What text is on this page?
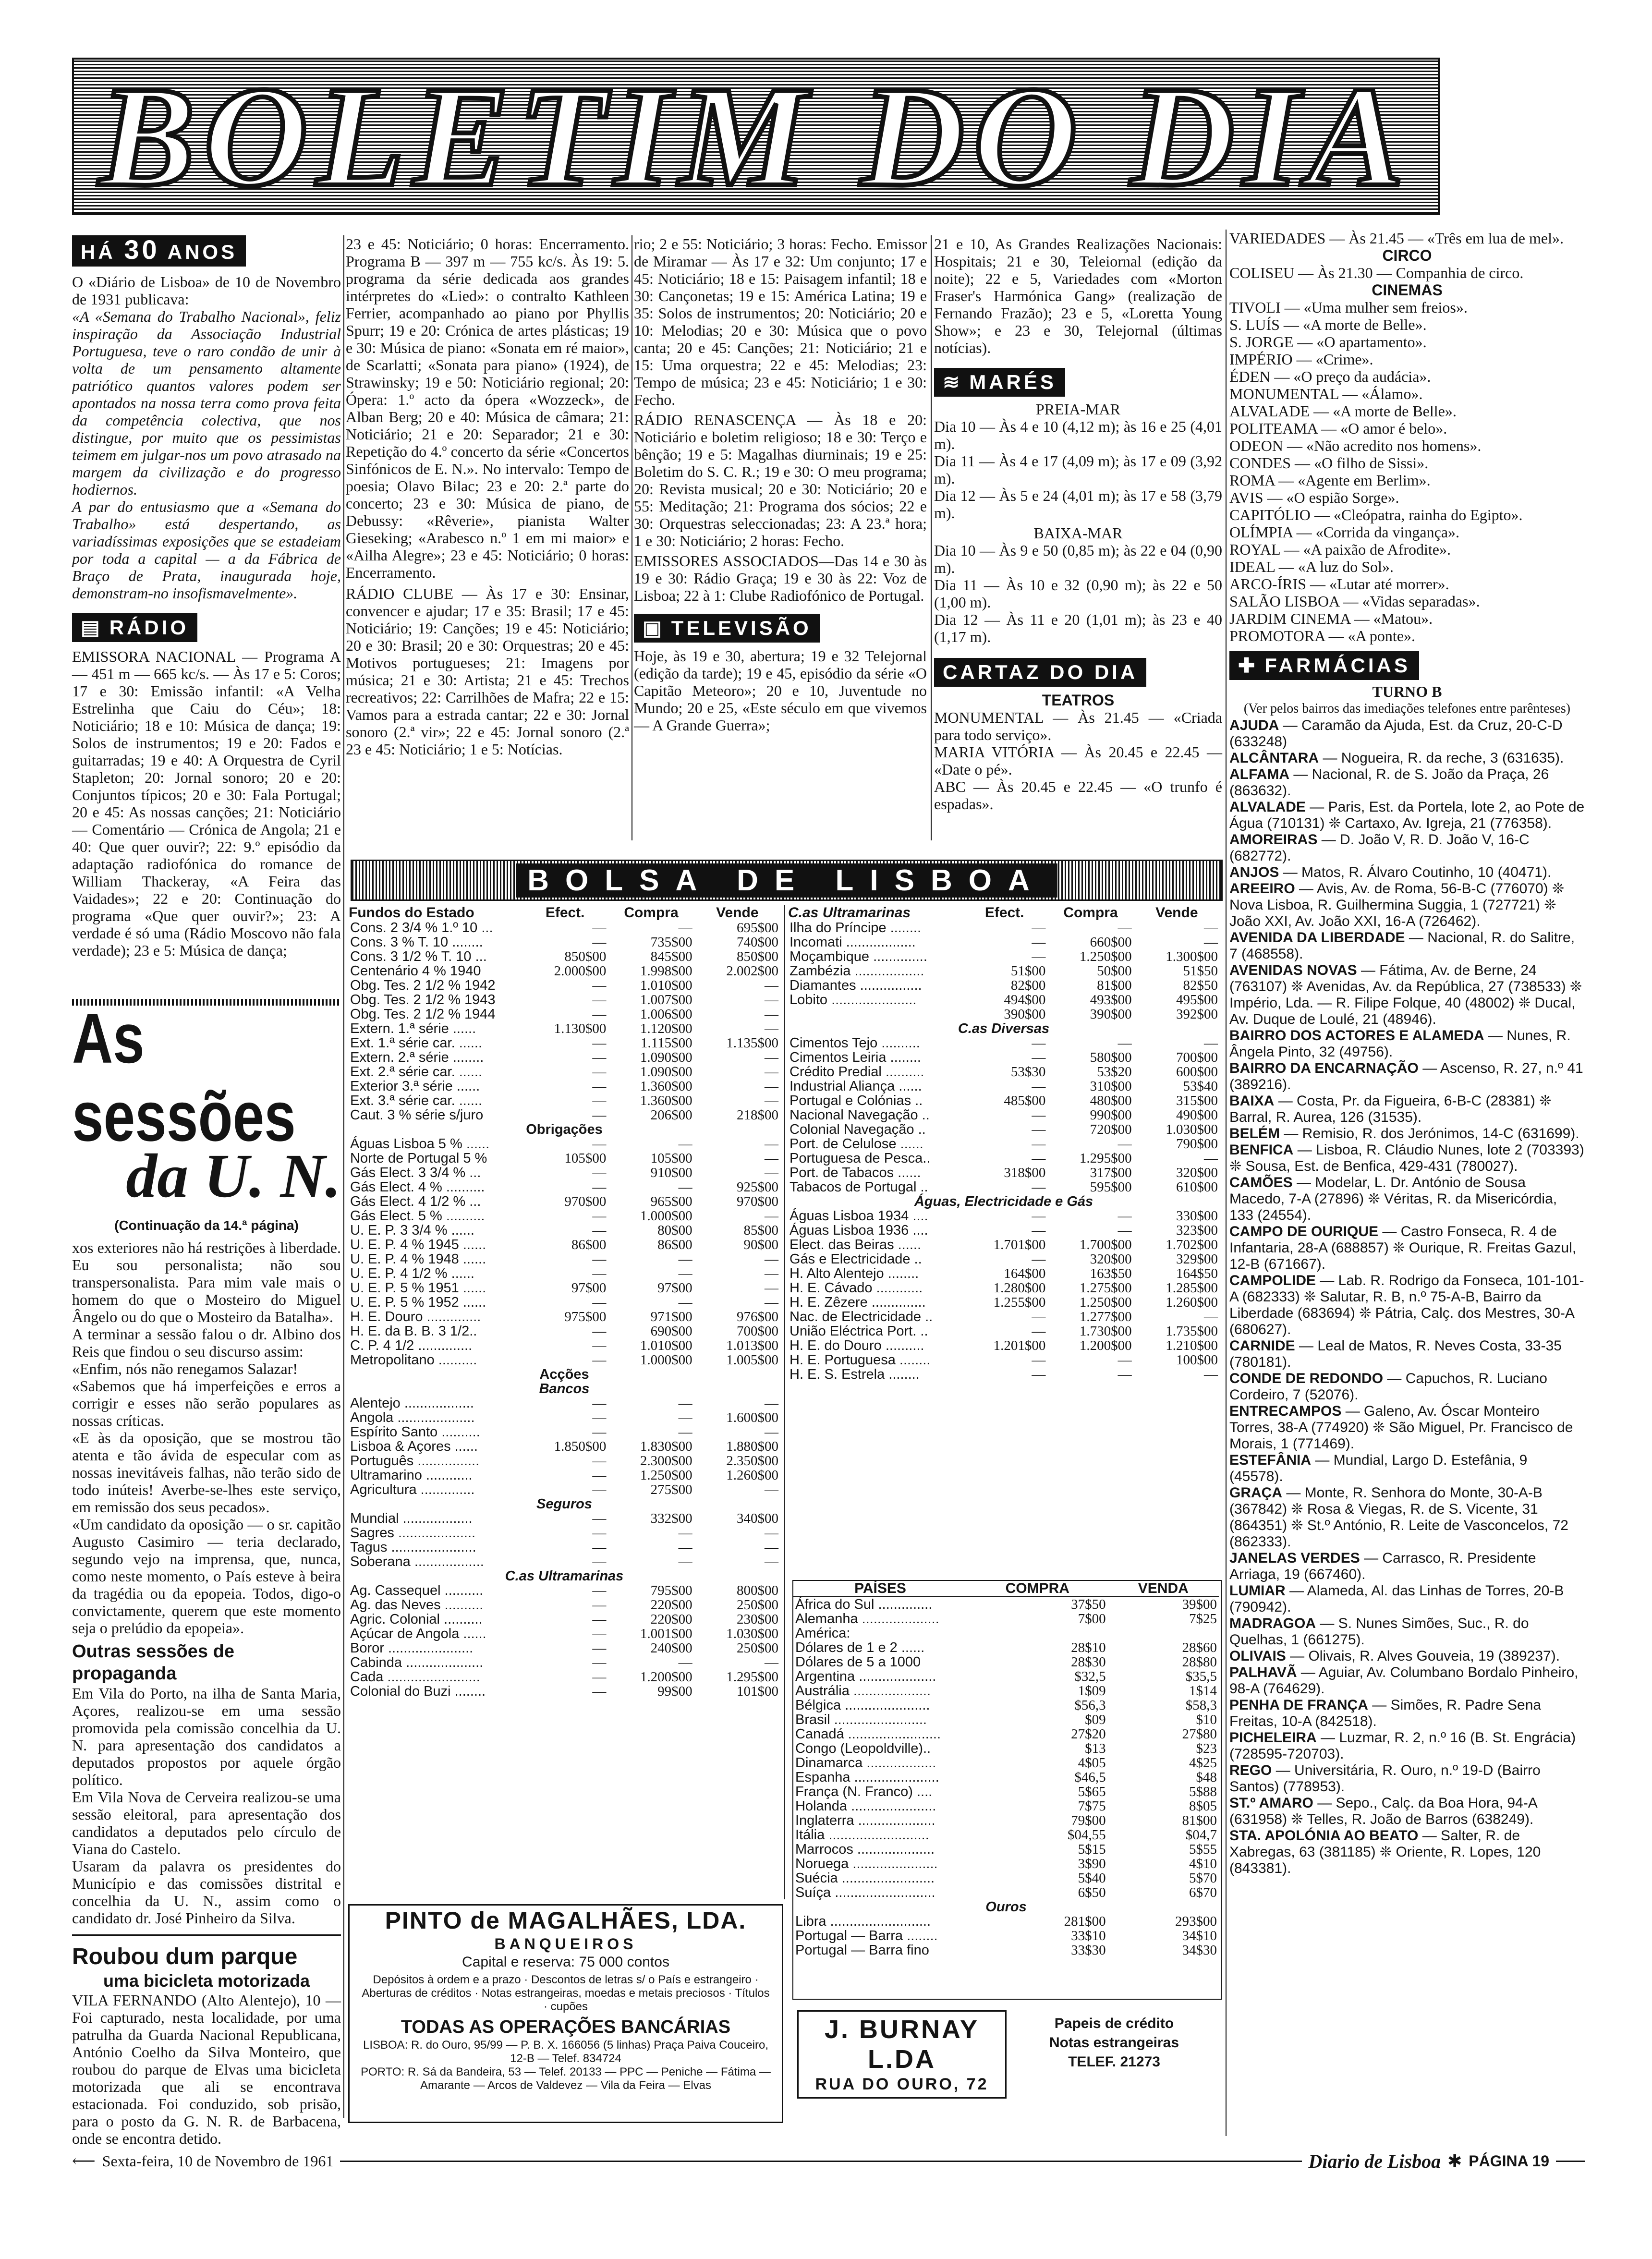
BOLETIM DO DIA
HÁ 30 ANOS

O «Diário de Lisboa» de 10 de Novembro de 1931 publicava:

«A «Semana do Trabalho Nacional», feliz inspiração da Associação Industrial Portuguesa, teve o raro condão de unir à volta de um pensamento altamente patriótico quantos valores podem ser apontados na nossa terra como prova feita da competência colectiva, que nos distingue, por muito que os pessimistas teimem em julgar-nos um povo atrasado na margem da civilização e do progresso hodiernos.

A par do entusiasmo que a «Semana do Trabalho» está despertando, as variadíssimas exposições que se estadeiam por toda a capital — a da Fábrica de Braço de Prata, inaugurada hoje, demonstram-no insofismavelmente».

▤ RÁDIO

EMISSORA NACIONAL — Programa A — 451 m — 665 kc/s. — Às 17 e 5: Coros; 17 e 30: Emissão infantil: «A Velha Estrelinha que Caiu do Céu»; 18: Noticiário; 18 e 10: Música de dança; 19: Solos de instrumentos; 19 e 20: Fados e guitarradas; 19 e 40: A Orquestra de Cyril Stapleton; 20: Jornal sonoro; 20 e 20: Conjuntos típicos; 20 e 30: Fala Portugal; 20 e 45: As nossas canções; 21: Noticiário — Comentário — Crónica de Angola; 21 e 40: Que quer ouvir?; 22: 9.º episódio da adaptação radiofónica do romance de William Thackeray, «A Feira das Vaidades»; 22 e 20: Continuação do programa «Que quer ouvir?»; 23: A verdade é só uma (Rádio Moscovo não fala verdade); 23 e 5: Música de dança;

23 e 45: Noticiário; 0 horas: Encerramento. Programa B — 397 m — 755 kc/s. Às 19: 5. programa da série dedicada aos grandes intérpretes do «Lied»: o contralto Kathleen Ferrier, acompanhado ao piano por Phyllis Spurr; 19 e 20: Crónica de artes plásticas; 19 e 30: Música de piano: «Sonata em ré maior», de Scarlatti; «Sonata para piano» (1924), de Strawinsky; 19 e 50: Noticiário regional; 20: Ópera: 1.º acto da ópera «Wozzeck», de Alban Berg; 20 e 40: Música de câmara; 21: Noticiário; 21 e 20: Separador; 21 e 30: Repetição do 4.º concerto da série «Concertos Sinfónicos de E. N.». No intervalo: Tempo de poesia; Olavo Bilac; 23 e 20: 2.ª parte do concerto; 23 e 30: Música de piano, de Debussy: «Rêverie», pianista Walter Gieseking; «Arabesco n.º 1 em mi maior» e «Ailha Alegre»; 23 e 45: Noticiário; 0 horas: Encerramento.

RÁDIO CLUBE — Às 17 e 30: Ensinar, convencer e ajudar; 17 e 35: Brasil; 17 e 45: Noticiário; 19: Canções; 19 e 45: Noticiário; 20 e 30: Brasil; 20 e 30: Orquestras; 20 e 45: Motivos portugueses; 21: Imagens por música; 21 e 30: Artista; 21 e 45: Trechos recreativos; 22: Carrilhões de Mafra; 22 e 15: Vamos para a estrada cantar; 22 e 30: Jornal sonoro (2.ª vir»; 22 e 45: Jornal sonoro (2.ª 23 e 45: Noticiário; 1 e 5: Notícias.

rio; 2 e 55: Noticiário; 3 horas: Fecho. Emissor de Miramar — Às 17 e 32: Um conjunto; 17 e 45: Noticiário; 18 e 15: Paisagem infantil; 18 e 30: Cançonetas; 19 e 15: América Latina; 19 e 35: Solos de instrumentos; 20: Noticiário; 20 e 10: Melodias; 20 e 30: Música que o povo canta; 20 e 45: Canções; 21: Noticiário; 21 e 15: Uma orquestra; 22 e 45: Melodias; 23: Tempo de música; 23 e 45: Noticiário; 1 e 30: Fecho.

RÁDIO RENASCENÇA — Às 18 e 20: Noticiário e boletim religioso; 18 e 30: Terço e bênção; 19 e 5: Magalhas diurninais; 19 e 25: Boletim do S. C. R.; 19 e 30: O meu programa; 20: Revista musical; 20 e 30: Noticiário; 20 e 55: Meditação; 21: Programa dos sócios; 22 e 30: Orquestras seleccionadas; 23: A 23.ª hora; 1 e 30: Noticiário; 2 horas: Fecho.

EMISSORES ASSOCIADOS—Das 14 e 30 às 19 e 30: Rádio Graça; 19 e 30 às 22: Voz de Lisboa; 22 à 1: Clube Radiofónico de Portugal.

▣ TELEVISÃO

Hoje, às 19 e 30, abertura; 19 e 32 Telejornal (edição da tarde); 19 e 45, episódio da série «O Capitão Meteoro»; 20 e 10, Juventude no Mundo; 20 e 25, «Este século em que vivemos — A Grande Guerra»;

21 e 10, As Grandes Realizações Nacionais: Hospitais; 21 e 30, Teleiornal (edição da noite); 22 e 5, Variedades com «Morton Fraser's Harmónica Gang» (realização de Fernando Frazão); 23 e 5, «Loretta Young Show»; e 23 e 30, Telejornal (últimas notícias).

≋ MARÉS

PREIA-MAR

Dia 10 — Às 4 e 10 (4,12 m); às 16 e 25 (4,01 m).

Dia 11 — Às 4 e 17 (4,09 m); às 17 e 09 (3,92 m).

Dia 12 — Às 5 e 24 (4,01 m); às 17 e 58 (3,79 m).

BAIXA-MAR

Dia 10 — Às 9 e 50 (0,85 m); às 22 e 04 (0,90 m).

Dia 11 — Às 10 e 32 (0,90 m); às 22 e 50 (1,00 m).

Dia 12 — Às 11 e 20 (1,01 m); às 23 e 40 (1,17 m).

CARTAZ DO DIA

TEATROS

MONUMENTAL — Às 21.45 — «Criada para todo serviço».

MARIA VITÓRIA — Às 20.45 e 22.45 — «Date o pé».

ABC — Às 20.45 e 22.45 — «O trunfo é espadas».

VARIEDADES — Às 21.45 — «Três em lua de mel».

CIRCO

COLISEU — Às 21.30 — Companhia de circo.

CINEMAS

TIVOLI — «Uma mulher sem freios».

S. LUÍS — «A morte de Belle».

S. JORGE — «O apartamento».

IMPÉRIO — «Crime».

ÉDEN — «O preço da audácia».

MONUMENTAL — «Álamo».

ALVALADE — «A morte de Belle».

POLITEAMA — «O amor é belo».

ODEON — «Não acredito nos homens».

CONDES — «O filho de Sissi».

ROMA — «Agente em Berlim».

AVIS — «O espião Sorge».

CAPITÓLIO — «Cleópatra, rainha do Egipto».

OLÍMPIA — «Corrida da vingança».

ROYAL — «A paixão de Afrodite».

IDEAL — «A luz do Sol».

ARCO-ÍRIS — «Lutar até morrer».

SALÃO LISBOA — «Vidas separadas».

JARDIM CINEMA — «Matou».

PROMOTORA — «A ponte».

✚ FARMÁCIAS

TURNO B

(Ver pelos bairros das imediações telefones entre parênteses)

AJUDA — Caramão da Ajuda, Est. da Cruz, 20-C-D (633248)

ALCÂNTARA — Nogueira, R. da reche, 3 (631635).

ALFAMA — Nacional, R. de S. João da Praça, 26 (863632).

ALVALADE — Paris, Est. da Portela, lote 2, ao Pote de Água (710131) ❊ Cartaxo, Av. Igreja, 21 (776358).

AMOREIRAS — D. João V, R. D. João V, 16-C (682772).

ANJOS — Matos, R. Álvaro Coutinho, 10 (40471).

AREEIRO — Avis, Av. de Roma, 56-B-C (776070) ❊ Nova Lisboa, R. Guilhermina Suggia, 1 (727721) ❊ João XXI, Av. João XXI, 16-A (726462).

AVENIDA DA LIBERDADE — Nacional, R. do Salitre, 7 (468558).

AVENIDAS NOVAS — Fátima, Av. de Berne, 24 (763107) ❊ Avenidas, Av. da República, 27 (738533) ❊ Império, Lda. — R. Filipe Folque, 40 (48002) ❊ Ducal, Av. Duque de Loulé, 21 (48946).

BAIRRO DOS ACTORES E ALAMEDA — Nunes, R. Ângela Pinto, 32 (49756).

BAIRRO DA ENCARNAÇÃO — Ascenso, R. 27, n.º 41 (389216).

BAIXA — Costa, Pr. da Figueira, 6-B-C (28381) ❊ Barral, R. Aurea, 126 (31535).

BELÉM — Remisio, R. dos Jerónimos, 14-C (631699).

BENFICA — Lisboa, R. Cláudio Nunes, lote 2 (703393) ❊ Sousa, Est. de Benfica, 429-431 (780027).

CAMÕES — Modelar, L. Dr. António de Sousa Macedo, 7-A (27896) ❊ Véritas, R. da Misericórdia, 133 (24554).

CAMPO DE OURIQUE — Castro Fonseca, R. 4 de Infantaria, 28-A (688857) ❊ Ourique, R. Freitas Gazul, 12-B (671667).

CAMPOLIDE — Lab. R. Rodrigo da Fonseca, 101-101-A (682333) ❊ Salutar, R. B, n.º 75-A-B, Bairro da Liberdade (683694) ❊ Pátria, Calç. dos Mestres, 30-A (680627).

CARNIDE — Leal de Matos, R. Neves Costa, 33-35 (780181).

CONDE DE REDONDO — Capuchos, R. Luciano Cordeiro, 7 (52076).

ENTRECAMPOS — Galeno, Av. Óscar Monteiro Torres, 38-A (774920) ❊ São Miguel, Pr. Francisco de Morais, 1 (771469).

ESTEFÂNIA — Mundial, Largo D. Estefânia, 9 (45578).

GRAÇA — Monte, R. Senhora do Monte, 30-A-B (367842) ❊ Rosa & Viegas, R. de S. Vicente, 31 (864351) ❊ St.º António, R. Leite de Vasconcelos, 72 (862333).

JANELAS VERDES — Carrasco, R. Presidente Arriaga, 19 (667460).

LUMIAR — Alameda, Al. das Linhas de Torres, 20-B (790942).

MADRAGOA — S. Nunes Simões, Suc., R. do Quelhas, 1 (661275).

OLIVAIS — Olivais, R. Alves Gouveia, 19 (389237).

PALHAVÃ — Aguiar, Av. Columbano Bordalo Pinheiro, 98-A (764629).

PENHA DE FRANÇA — Simões, R. Padre Sena Freitas, 10-A (842518).

PICHELEIRA — Luzmar, R. 2, n.º 16 (B. St. Engrácia) (728595-720703).

REGO — Universitária, R. Ouro, n.º 19-D (Bairro Santos) (778953).

ST.º AMARO — Sepo., Calç. da Boa Hora, 94-A (631958) ❊ Telles, R. João de Barros (638249).

STA. APOLÓNIA AO BEATO — Salter, R. de Xabregas, 63 (381185) ❊ Oriente, R. Lopes, 120 (843381).

As sessões
da U. N.

(Continuação da 14.ª página)

xos exteriores não há restrições à liberdade. Eu sou personalista; não sou transpersonalista. Para mim vale mais o homem do que o Mosteiro do Miguel Ângelo ou do que o Mosteiro da Batalha».

A terminar a sessão falou o dr. Albino dos Reis que findou o seu discurso assim:

«Enfim, nós não renegamos Salazar!

«Sabemos que há imperfeições e erros a corrigir e esses não serão populares as nossas críticas.

«E às da oposição, que se mostrou tão atenta e tão ávida de especular com as nossas inevitáveis falhas, não terão sido de todo inúteis! Averbe-se-lhes este serviço, em remissão dos seus pecados».

«Um candidato da oposição — o sr. capitão Augusto Casimiro — teria declarado, segundo vejo na imprensa, que, nunca, como neste momento, o País esteve à beira da tragédia ou da epopeia. Todos, digo-o convictamente, querem que este momento seja o prelúdio da epopeia».

Outras sessões de propaganda

Em Vila do Porto, na ilha de Santa Maria, Açores, realizou-se em uma sessão promovida pela comissão concelhia da U. N. para apresentação dos candidatos a deputados propostos por aquele órgão político.

Em Vila Nova de Cerveira realizou-se uma sessão eleitoral, para apresentação dos candidatos a deputados pelo círculo de Viana do Castelo.

Usaram da palavra os presidentes do Município e das comissões distrital e concelhia da U. N., assim como o candidato dr. José Pinheiro da Silva.

Roubou dum parque

uma bicicleta motorizada

VILA FERNANDO (Alto Alentejo), 10 — Foi capturado, nesta localidade, por uma patrulha da Guarda Nacional Republicana, António Coelho da Silva Monteiro, que roubou do parque de Elvas uma bicicleta motorizada que ali se encontrava estacionada. Foi conduzido, sob prisão, para o posto da G. N. R. de Barbacena, onde se encontra detido.

BOLSA DE LISBOA
Fundos do Estado	Efect.	Compra	Vende
Cons. 2 3/4 % 1.º 10 ...	—	—	695$00
Cons. 3 % T. 10 ........	—	735$00	740$00
Cons. 3 1/2 % T. 10 ...	850$00	845$00	850$00
Centenário 4 % 1940	2.000$00	1.998$00	2.002$00
Obg. Tes. 2 1/2 % 1942	—	1.010$00	—
Obg. Tes. 2 1/2 % 1943	—	1.007$00	—
Obg. Tes. 2 1/2 % 1944	—	1.006$00	—
Extern. 1.ª série ......	1.130$00	1.120$00	—
Ext. 1.ª série car. ......	—	1.115$00	1.135$00
Extern. 2.ª série ........	—	1.090$00	—
Ext. 2.ª série car. ......	—	1.090$00	—
Exterior 3.ª série ......	—	1.360$00	—
Ext. 3.ª série car. ......	—	1.360$00	—
Caut. 3 % série s/juro	—	206$00	218$00
Obrigações			
Águas Lisboa 5 % ......	—	—	—
Norte de Portugal 5 %	105$00	105$00	—
Gás Elect. 3 3/4 % ...	—	910$00	—
Gás Elect. 4 % ..........	—	—	925$00
Gás Elect. 4 1/2 % ...	970$00	965$00	970$00
Gás Elect. 5 % ..........	—	1.000$00	—
U. E. P. 3 3/4 % ......	—	80$00	85$00
U. E. P. 4 % 1945 ......	86$00	86$00	90$00
U. E. P. 4 % 1948 ......	—	—	—
U. E. P. 4 1/2 % ......	—	—	—
U. E. P. 5 % 1951 ......	97$00	97$00	—
U. E. P. 5 % 1952 ......	—	—	—
H. E. Douro ..............	975$00	971$00	976$00
H. E. da B. B. 3 1/2..	—	690$00	700$00
C. P. 4 1/2 ..............	—	1.010$00	1.013$00
Metropolitano ..........	—	1.000$00	1.005$00
Acções			
Bancos			
Alentejo ..................	—	—	—
Angola ....................	—	—	1.600$00
Espírito Santo ..........	—	—	—
Lisboa & Açores ......	1.850$00	1.830$00	1.880$00
Português ................	—	2.300$00	2.350$00
Ultramarino ............	—	1.250$00	1.260$00
Agricultura ..............	—	275$00	—
Seguros			
Mundial ..................	—	332$00	340$00
Sagres ....................	—	—	—
Tagus ......................	—	—	—
Soberana ..................	—	—	—
C.as Ultramarinas			
Ag. Cassequel ..........	—	795$00	800$00
Ag. das Neves ..........	—	220$00	250$00
Agric. Colonial ..........	—	220$00	230$00
Açúcar de Angola ......	—	1.001$00	1.030$00
Boror ......................	—	240$00	250$00
Cabinda ....................	—	—	—
Cada ........................	—	1.200$00	1.295$00
Colonial do Buzi ........	—	99$00	101$00
C.as Ultramarinas	Efect.	Compra	Vende
Ilha do Príncipe ........	—	—	—
Incomati ..................	—	660$00	—
Moçambique ..............	—	1.250$00	1.300$00
Zambézia ..................	51$00	50$00	51$50
Diamantes ................	82$00	81$00	82$50
Lobito ......................	494$00	493$00	495$00
	390$00	390$00	392$00
C.as Diversas			
Cimentos Tejo ..........	—	—	—
Cimentos Leiria ........	—	580$00	700$00
Crédito Predial ..........	53$30	53$20	600$00
Industrial Aliança ......	—	310$00	53$40
Portugal e Colónias ..	485$00	480$00	315$00
Nacional Navegação ..	—	990$00	490$00
Colonial Navegação ..	—	720$00	1.030$00
Port. de Celulose ......	—	—	790$00
Portuguesa de Pesca..	—	1.295$00	—
Port. de Tabacos ......	318$00	317$00	320$00
Tabacos de Portugal ..	—	595$00	610$00
Águas, Electricidade e Gás			
Águas Lisboa 1934 ....	—	—	330$00
Águas Lisboa 1936 ....	—	—	323$00
Elect. das Beiras ......	1.701$00	1.700$00	1.702$00
Gás e Electricidade ..	—	320$00	329$00
H. Alto Alentejo ........	164$00	163$50	164$50
H. E. Cávado ............	1.280$00	1.275$00	1.285$00
H. E. Zêzere ..............	1.255$00	1.250$00	1.260$00
Nac. de Electricidade ..	—	1.277$00	—
União Eléctrica Port. ..	—	1.730$00	1.735$00
H. E. do Douro ..........	1.201$00	1.200$00	1.210$00
H. E. Portuguesa ........	—	—	100$00
H. E. S. Estrela ........	—	—	—
PAÍSES	COMPRA	VENDA
África do Sul ..............	37$50	39$00
Alemanha ....................	7$00	7$25
América:		
Dólares de 1 e 2 ......	28$10	28$60
Dólares de 5 a 1000	28$30	28$80
Argentina ....................	$32,5	$35,5
Austrália ....................	1$09	1$14
Bélgica ......................	$56,3	$58,3
Brasil ........................	$09	$10
Canadá ........................	27$20	27$80
Congo (Leopoldville)..	$13	$23
Dinamarca ..................	4$05	4$25
Espanha ......................	$46,5	$48
França (N. Franco) ....	5$65	5$88
Holanda ......................	7$75	8$05
Inglaterra ....................	79$00	81$00
Itália ..........................	$04,55	$04,7
Marrocos ....................	5$15	5$55
Noruega ......................	3$90	4$10
Suécia ........................	5$40	5$70
Suíça ..........................	6$50	6$70
Ouros		
Libra ..........................	281$00	293$00
Portugal — Barra ........	33$10	34$10
Portugal — Barra fino	33$30	34$30
PINTO de MAGALHÃES, LDA.
BANQUEIROS
Capital e reserva: 75 000 contos
Depósitos à ordem e a prazo · Descontos de letras s/ o País e estrangeiro · Aberturas de créditos · Notas estrangeiras, moedas e metais preciosos · Títulos · cupões
TODAS AS OPERAÇÕES BANCÁRIAS
LISBOA: R. do Ouro, 95/99 — P. B. X. 166056 (5 linhas) Praça Paiva Couceiro, 12-B — Telef. 834724
PORTO: R. Sá da Bandeira, 53 — Telef. 20133 — PPC — Peniche — Fátima — Amarante — Arcos de Valdevez — Vila da Feira — Elvas
J. BURNAY L.DA
RUA DO OURO, 72
Papeis de crédito
Notas estrangeiras
TELEF. 21273
⟵ Sexta-feira, 10 de Novembro de 1961	Diario de Lisboa ✱ PÁGINA 19
